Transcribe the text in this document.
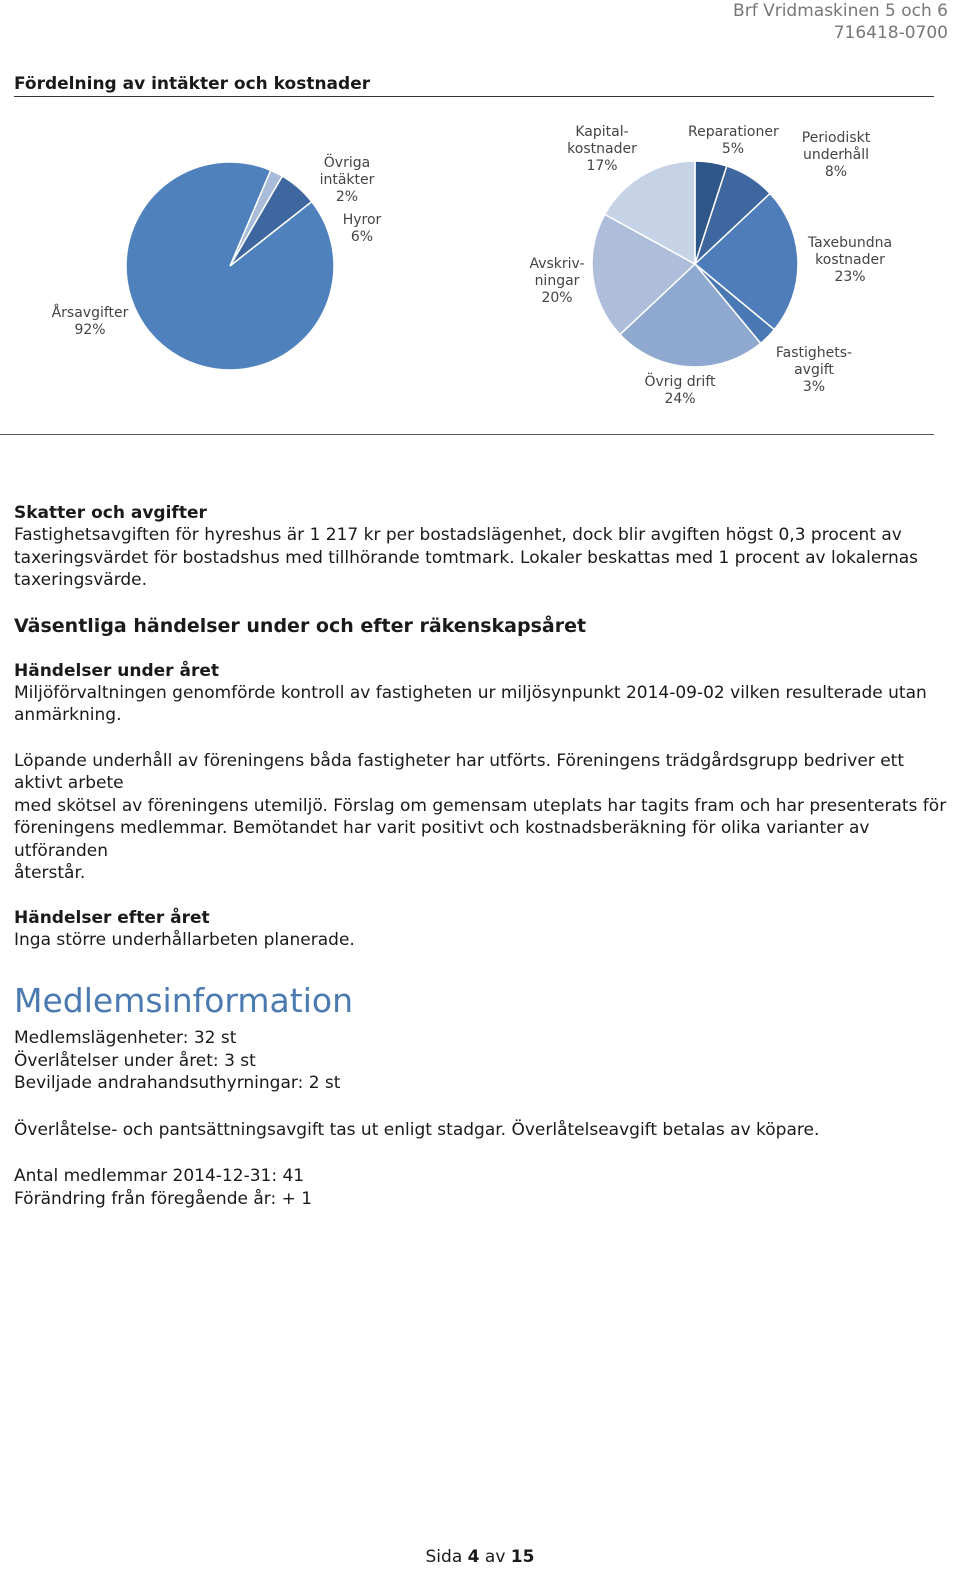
Brf Vridmaskinen 5 och 6
716418-0700
Fördelning av intäkter och kostnader
Årsavgifter
92%
Övriga
intäkter
2%
Hyror
6%
Kapital-
kostnader
17%
Reparationer
5%
Periodiskt
underhåll
8%
Avskriv-
ningar
20%
Taxebundna
kostnader
23%
Fastighets-
avgift
3%
Övrig drift
24%
Skatter och avgifter

Fastighetsavgiften för hyreshus är 1 217 kr per bostadslägenhet, dock blir avgiften högst 0,3 procent av

taxeringsvärdet för bostadshus med tillhörande tomtmark. Lokaler beskattas med 1 procent av lokalernas

taxeringsvärde.

Väsentliga händelser under och efter räkenskapsåret
Händelser under året

Miljöförvaltningen genomförde kontroll av fastigheten ur miljösynpunkt 2014-09-02 vilken resulterade utan

anmärkning.

Löpande underhåll av föreningens båda fastigheter har utförts. Föreningens trädgårdsgrupp bedriver ett aktivt arbete

med skötsel av föreningens utemiljö. Förslag om gemensam uteplats har tagits fram och har presenterats för

föreningens medlemmar. Bemötandet har varit positivt och kostnadsberäkning för olika varianter av utföranden

återstår.

Händelser efter året

Inga större underhållarbeten planerade.

Medlemsinformation

Medlemslägenheter: 32 st

Överlåtelser under året: 3 st

Beviljade andrahandsuthyrningar: 2 st

Överlåtelse- och pantsättningsavgift tas ut enligt stadgar. Överlåtelseavgift betalas av köpare.

Antal medlemmar 2014-12-31: 41

Förändring från föregående år: + 1

Sida 4 av 15
